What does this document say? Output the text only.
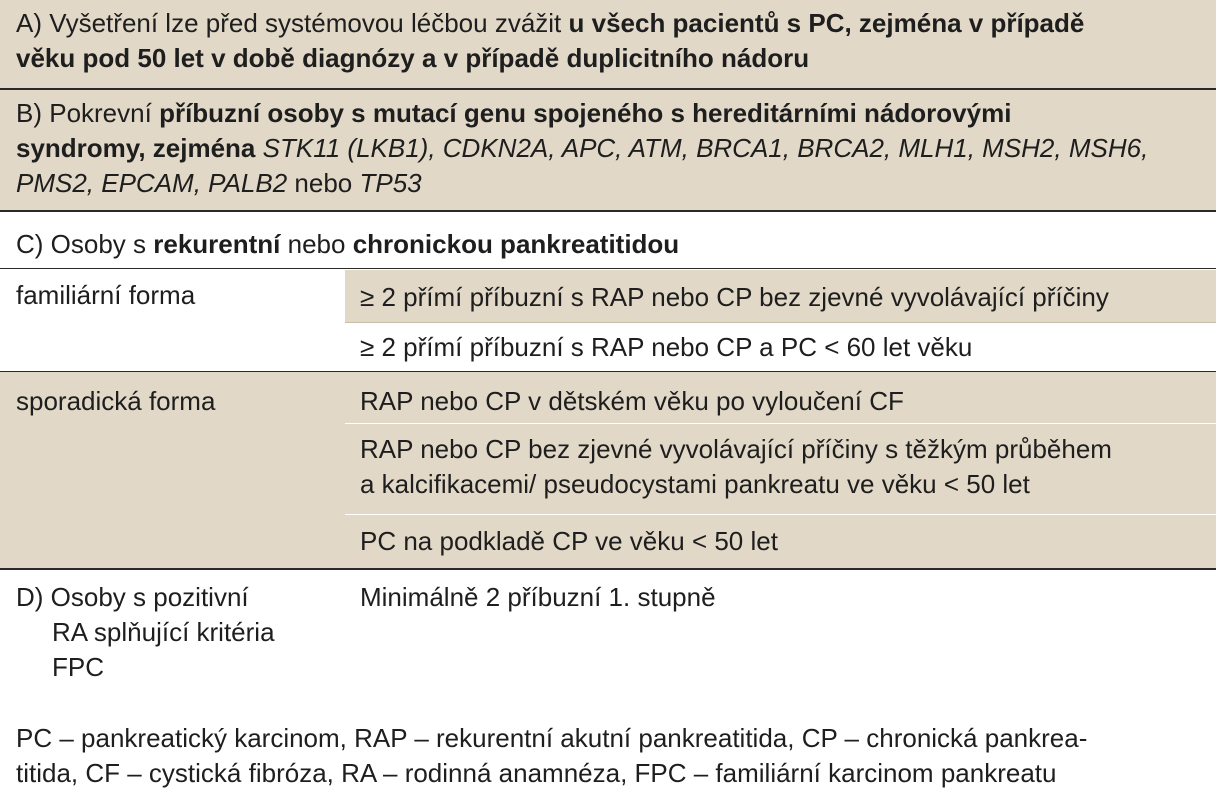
A) Vyšetření lze před systémovou léčbou zvážit u všech pacientů s PC, zejména v případě
věku pod 50 let v době diagnózy a v případě duplicitního nádoru
B) Pokrevní příbuzní osoby s mutací genu spojeného s hereditárními nádorovými
syndromy, zejména STK11 (LKB1), CDKN2A, APC, ATM, BRCA1, BRCA2, MLH1, MSH2, MSH6,
PMS2, EPCAM, PALB2 nebo TP53
C) Osoby s rekurentní nebo chronickou pankreatitidou
familiární forma	≥ 2 přímí příbuzní s RAP nebo CP bez zjevné vyvolávající příčiny
≥ 2 přímí příbuzní s RAP nebo CP a PC < 60 let věku
sporadická forma	RAP nebo CP v dětském věku po vyloučení CF
RAP nebo CP bez zjevné vyvolávající příčiny s těžkým průběhem
a kalcifikacemi/ pseudocystami pankreatu ve věku < 50 let
PC na podkladě CP ve věku < 50 let
D) Osoby s pozitivní
RA splňující kritéria
FPC
Minimálně 2 příbuzní 1. stupně
PC – pankreatický karcinom, RAP – rekurentní akutní pankreatitida, CP – chronická pankrea-
titida, CF – cystická fibróza, RA – rodinná anamnéza, FPC – familiární karcinom pankreatu
